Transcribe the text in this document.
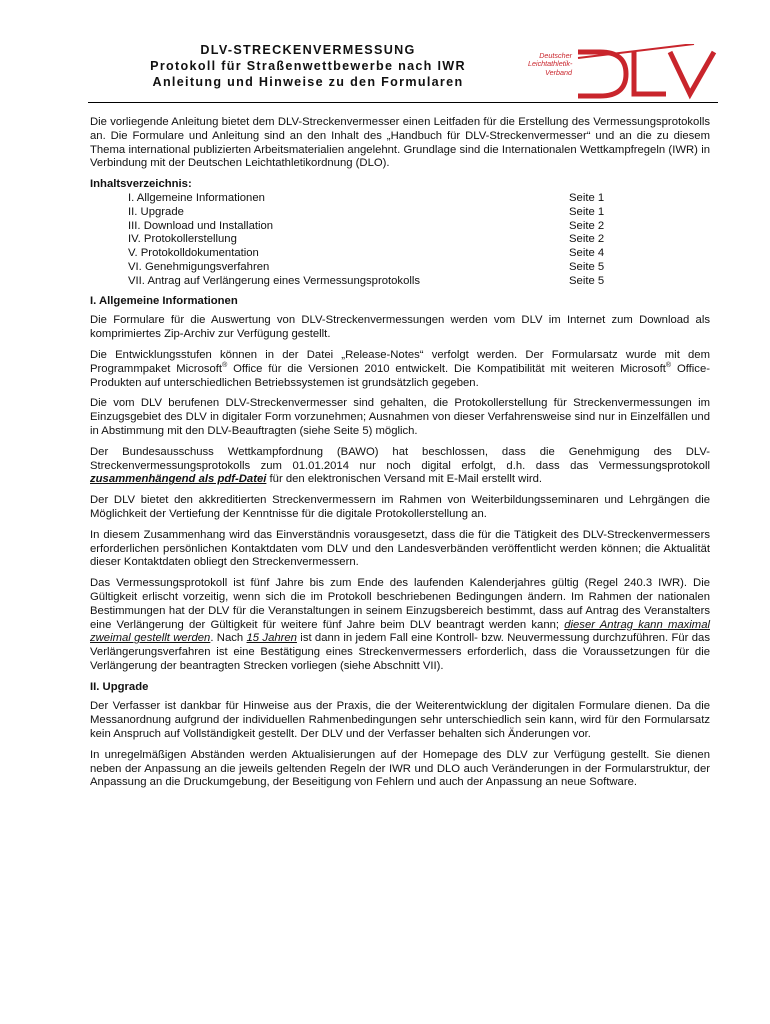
DLV-STRECKENVERMESSUNG
Protokoll für Straßenwettbewerbe nach IWR
Anleitung und Hinweise zu den Formularen
Deutscher
Leichtathletik-
Verband

Die vorliegende Anleitung bietet dem DLV-Streckenvermesser einen Leitfaden für die Erstellung des Vermessungsprotokolls an. Die Formulare und Anleitung sind an den Inhalt des „Handbuch für DLV-Streckenvermesser“ und an die zu diesem Thema international publizierten Arbeitsmaterialien angelehnt. Grundlage sind die Internationalen Wettkampfregeln (IWR) in Verbindung mit der Deutschen Leichtathletikordnung (DLO).

Inhaltsverzeichnis:
I. Allgemeine Informationen	Seite 1
II. Upgrade	Seite 1
III. Download und Installation	Seite 2
IV. Protokollerstellung	Seite 2
V. Protokolldokumentation	Seite 4
VI. Genehmigungsverfahren	Seite 5
VII. Antrag auf Verlängerung eines Vermessungsprotokolls	Seite 5
I. Allgemeine Informationen

Die Formulare für die Auswertung von DLV-Streckenvermessungen werden vom DLV im Internet zum Download als komprimiertes Zip-Archiv zur Verfügung gestellt.

Die Entwicklungsstufen können in der Datei „Release-Notes“ verfolgt werden. Der Formularsatz wurde mit dem Programmpaket Microsoft® Office für die Versionen 2010 entwickelt. Die Kompatibilität mit weiteren Microsoft® Office-Produkten auf unterschiedlichen Betriebssystemen ist grundsätzlich gegeben.

Die vom DLV berufenen DLV-Streckenvermesser sind gehalten, die Protokollerstellung für Streckenvermessungen im Einzugsgebiet des DLV in digitaler Form vorzunehmen; Ausnahmen von dieser Verfahrensweise sind nur in Einzelfällen und in Abstimmung mit den DLV-Beauftragten (siehe Seite 5) möglich.

Der Bundesausschuss Wettkampfordnung (BAWO) hat beschlossen, dass die Genehmigung des DLV-Streckenvermessungsprotokolls zum 01.01.2014 nur noch digital erfolgt, d.h. dass das Vermessungsprotokoll zusammenhängend als pdf-Datei für den elektronischen Versand mit E-Mail erstellt wird.

Der DLV bietet den akkreditierten Streckenvermessern im Rahmen von Weiterbildungsseminaren und Lehrgängen die Möglichkeit der Vertiefung der Kenntnisse für die digitale Protokollerstellung an.

In diesem Zusammenhang wird das Einverständnis vorausgesetzt, dass die für die Tätigkeit des DLV-Streckenvermessers erforderlichen persönlichen Kontaktdaten vom DLV und den Landesverbänden veröffentlicht werden können; die Aktualität dieser Kontaktdaten obliegt den Streckenvermessern.

Das Vermessungsprotokoll ist fünf Jahre bis zum Ende des laufenden Kalenderjahres gültig (Regel 240.3 IWR). Die Gültigkeit erlischt vorzeitig, wenn sich die im Protokoll beschriebenen Bedingungen ändern. Im Rahmen der nationalen Bestimmungen hat der DLV für die Veranstaltungen in seinem Einzugsbereich bestimmt, dass auf Antrag des Veranstalters eine Verlängerung der Gültigkeit für weitere fünf Jahre beim DLV beantragt werden kann; dieser Antrag kann maximal zweimal gestellt werden. Nach 15 Jahren ist dann in jedem Fall eine Kontroll- bzw. Neuvermessung durchzuführen. Für das Verlängerungsverfahren ist eine Bestätigung eines Streckenvermessers erforderlich, dass die Voraussetzungen für die Verlängerung der beantragten Strecken vorliegen (siehe Abschnitt VII).

II. Upgrade

Der Verfasser ist dankbar für Hinweise aus der Praxis, die der Weiterentwicklung der digitalen Formulare dienen. Da die Messanordnung aufgrund der individuellen Rahmenbedingungen sehr unterschiedlich sein kann, wird für den Formularsatz kein Anspruch auf Vollständigkeit gestellt. Der DLV und der Verfasser behalten sich Änderungen vor.

In unregelmäßigen Abständen werden Aktualisierungen auf der Homepage des DLV zur Verfügung gestellt. Sie dienen neben der Anpassung an die jeweils geltenden Regeln der IWR und DLO auch Veränderungen in der Formularstruktur, der Anpassung an die Druckumgebung, der Beseitigung von Fehlern und auch der Anpassung an neue Software.
